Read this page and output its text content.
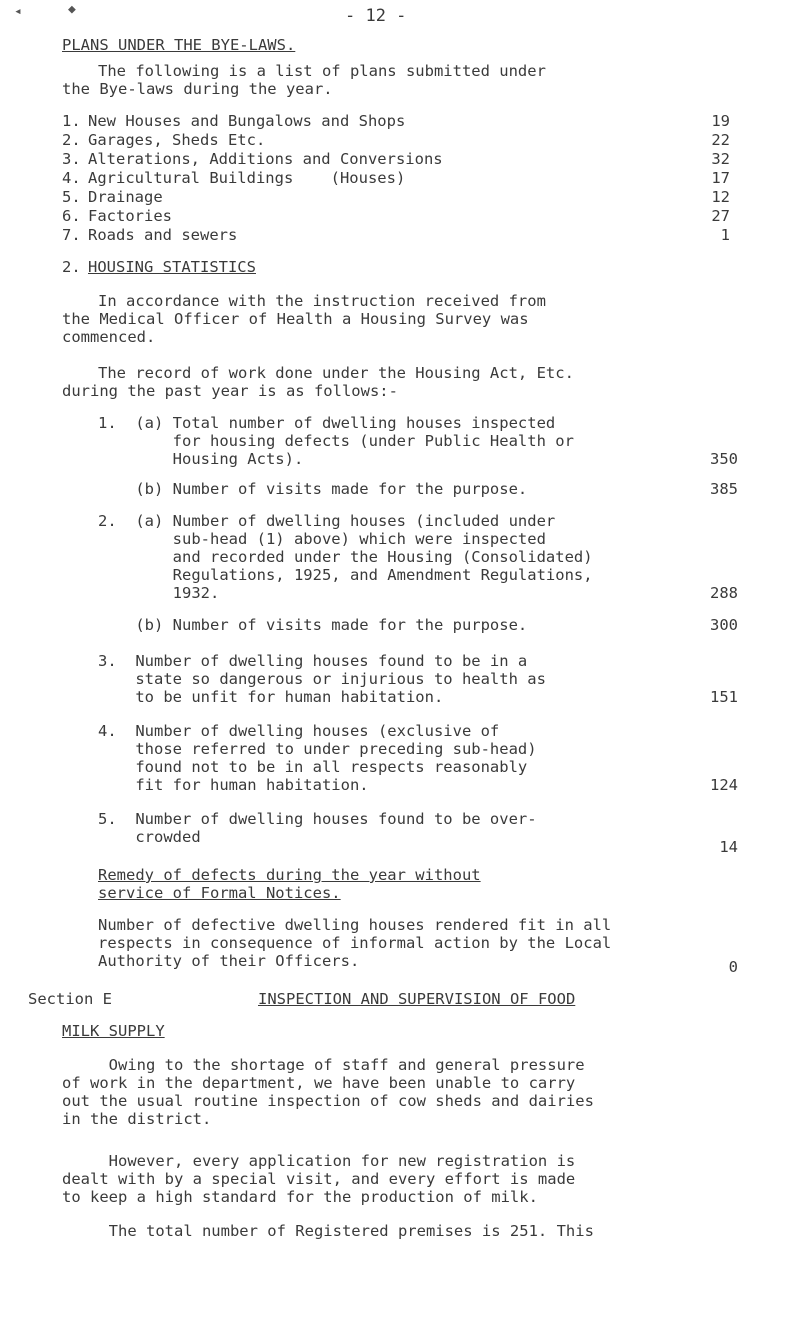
◂	◆	- 12 -
PLANS UNDER THE BYE-LAWS.
The following is a list of plans submitted under
the Bye-laws during the year.
1. New Houses and Bungalows and Shops	19
2. Garages, Sheds Etc.	22
3. Alterations, Additions and Conversions	32
4. Agricultural Buildings    (Houses)	17
5. Drainage	12
6. Factories	27
7. Roads and sewers	1
2. HOUSING STATISTICS
In accordance with the instruction received from
the Medical Officer of Health a Housing Survey was
commenced.
The record of work done under the Housing Act, Etc.
during the past year is as follows:-
1.  (a) Total number of dwelling houses inspected
for housing defects (under Public Health or
Housing Acts).	350
(b) Number of visits made for the purpose.	385
2.  (a) Number of dwelling houses (included under
sub-head (1) above) which were inspected
and recorded under the Housing (Consolidated)
Regulations, 1925, and Amendment Regulations,
1932.	288
(b) Number of visits made for the purpose.	300
3.  Number of dwelling houses found to be in a
state so dangerous or injurious to health as
to be unfit for human habitation.	151
4.  Number of dwelling houses (exclusive of
those referred to under preceding sub-head)
found not to be in all respects reasonably
fit for human habitation.	124
5.  Number of dwelling houses found to be over-
crowded
14
Remedy of defects during the year without
service of Formal Notices.
Number of defective dwelling houses rendered fit in all
respects in consequence of informal action by the Local
Authority of their Officers.	0
Section E	INSPECTION AND SUPERVISION OF FOOD
MILK SUPPLY
Owing to the shortage of staff and general pressure
of work in the department, we have been unable to carry
out the usual routine inspection of cow sheds and dairies
in the district.
However, every application for new registration is
dealt with by a special visit, and every effort is made
to keep a high standard for the production of milk.
The total number of Registered premises is 251. This
